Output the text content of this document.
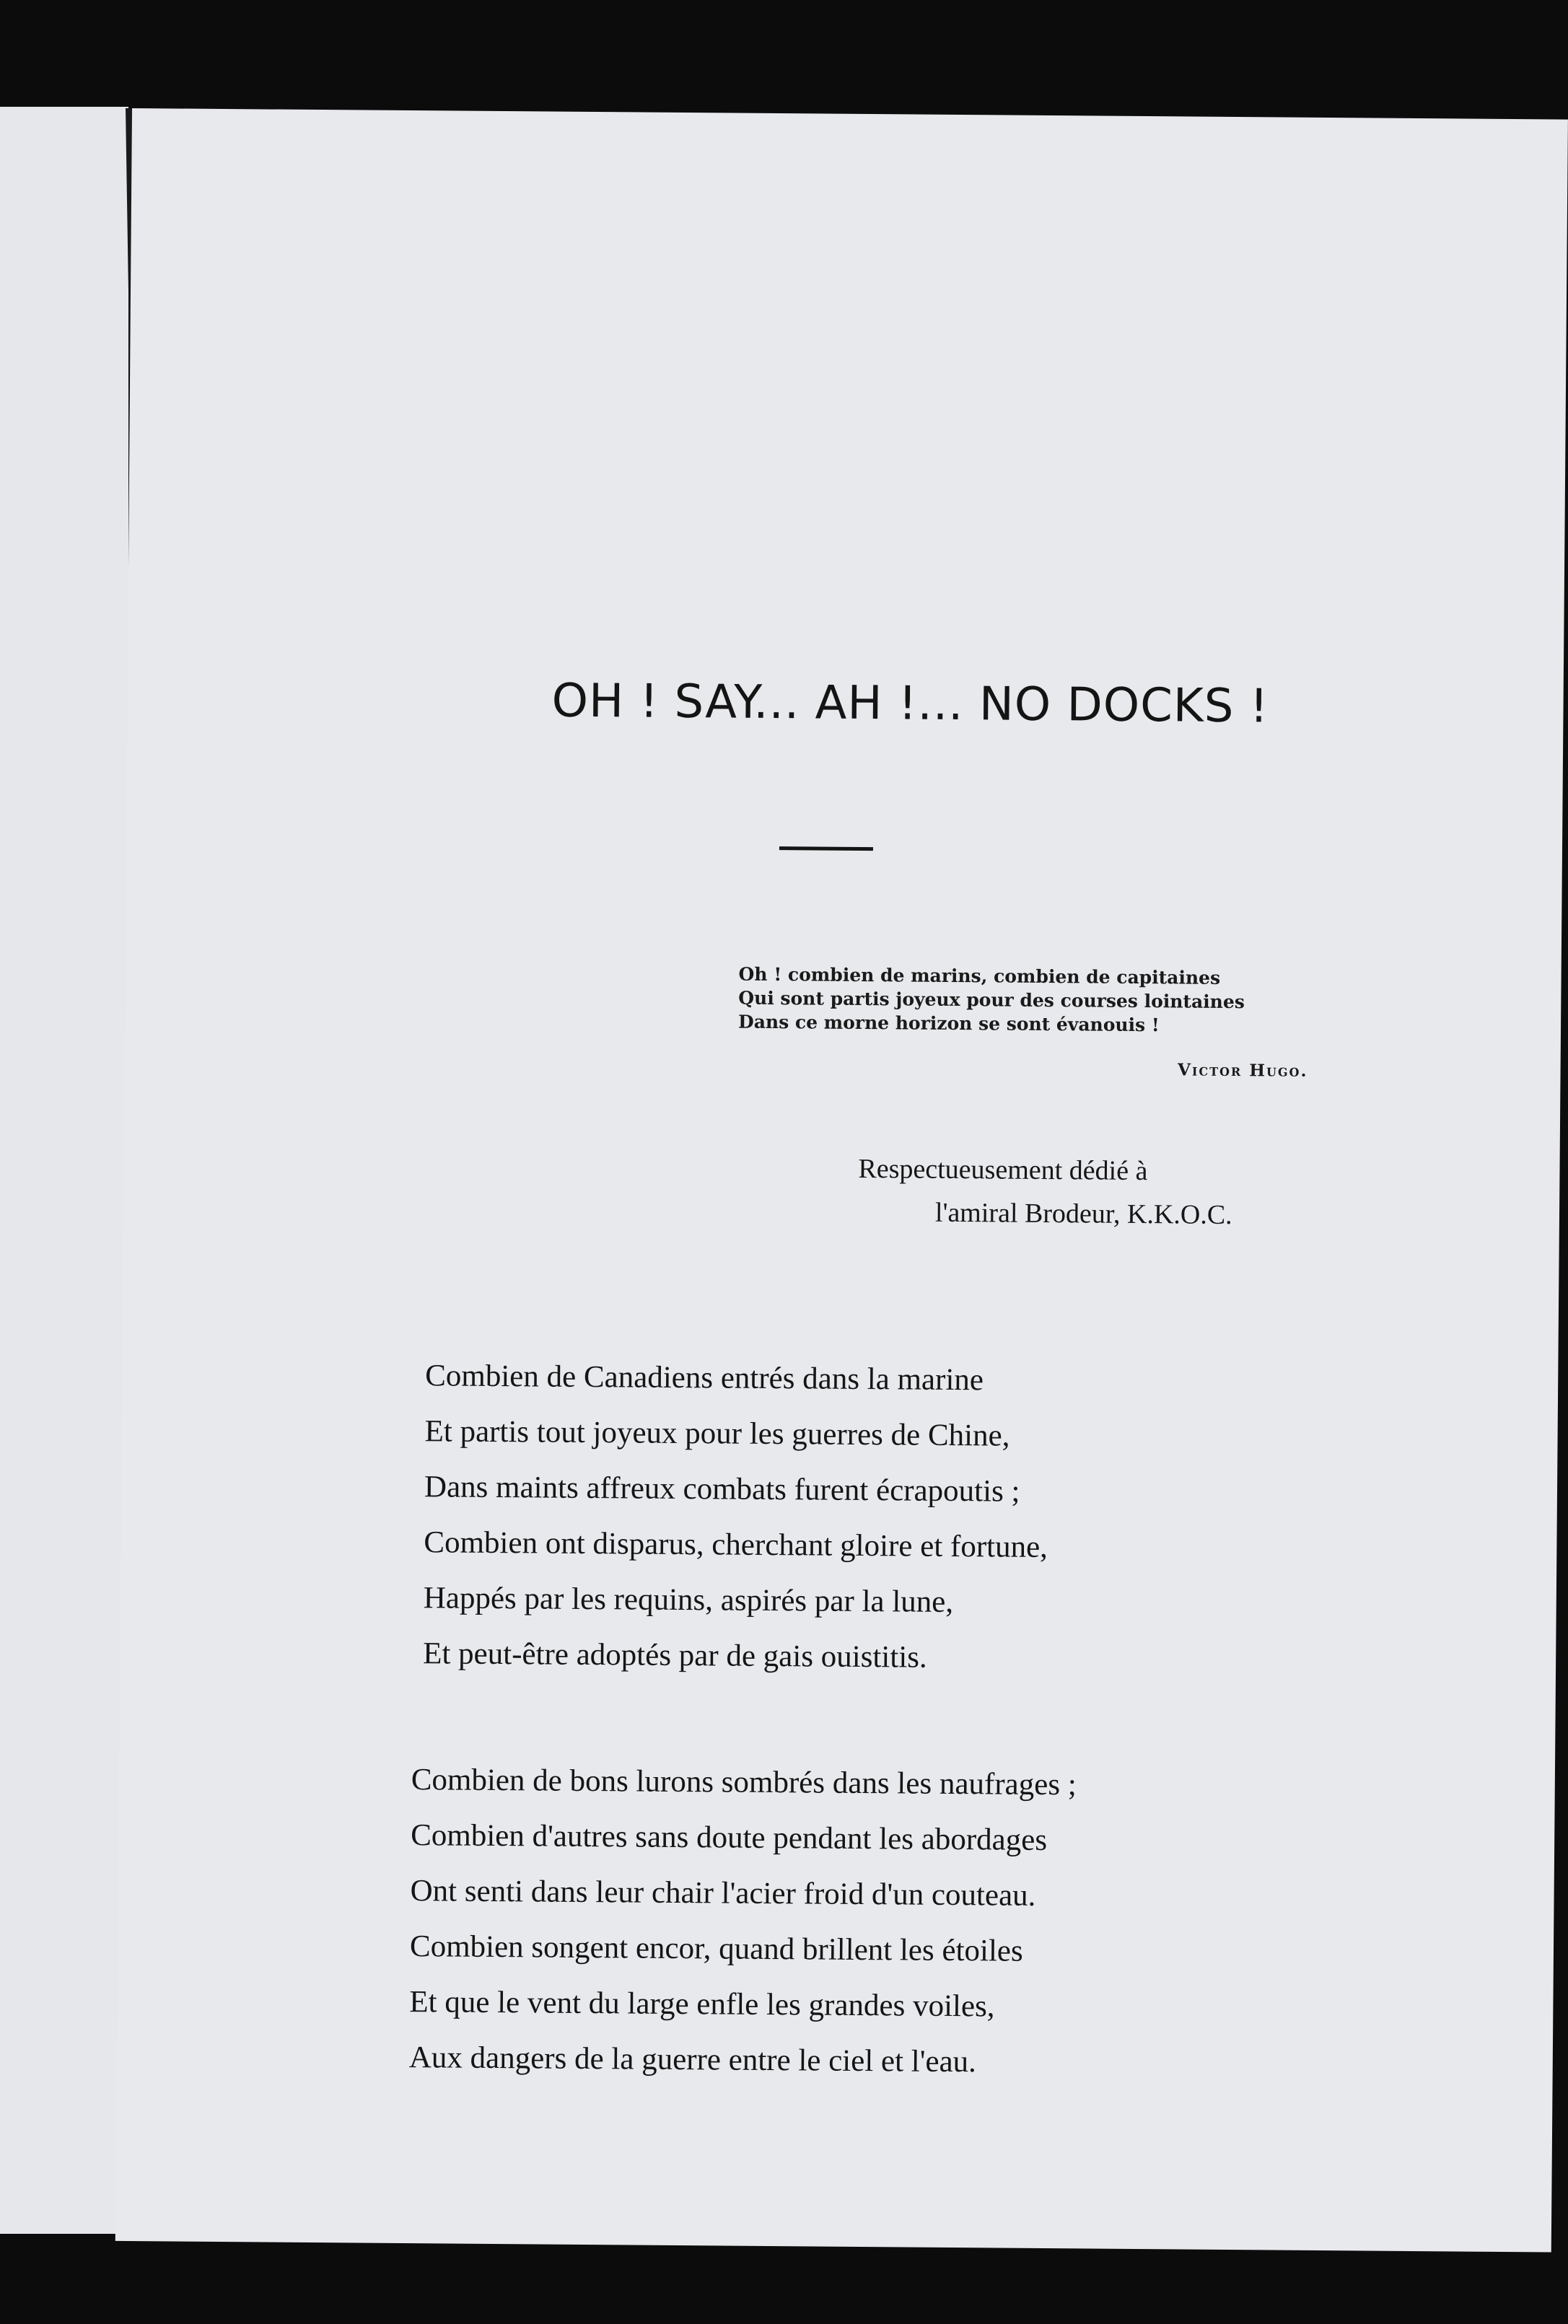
OH ! SAY... AH !... NO DOCKS !
Oh ! combien de marins, combien de capitaines
Qui sont partis joyeux pour des courses lointaines
Dans ce morne horizon se sont évanouis !
Victor Hugo.
Respectueusement dédié à
l'amiral Brodeur, K.K.O.C.
Combien de Canadiens entrés dans la marine
Et partis tout joyeux pour les guerres de Chine,
Dans maints affreux combats furent écrapoutis ;
Combien ont disparus, cherchant gloire et fortune,
Happés par les requins, aspirés par la lune,
Et peut-être adoptés par de gais ouistitis.
Combien de bons lurons sombrés dans les naufrages ;
Combien d'autres sans doute pendant les abordages
Ont senti dans leur chair l'acier froid d'un couteau.
Combien songent encor, quand brillent les étoiles
Et que le vent du large enfle les grandes voiles,
Aux dangers de la guerre entre le ciel et l'eau.
